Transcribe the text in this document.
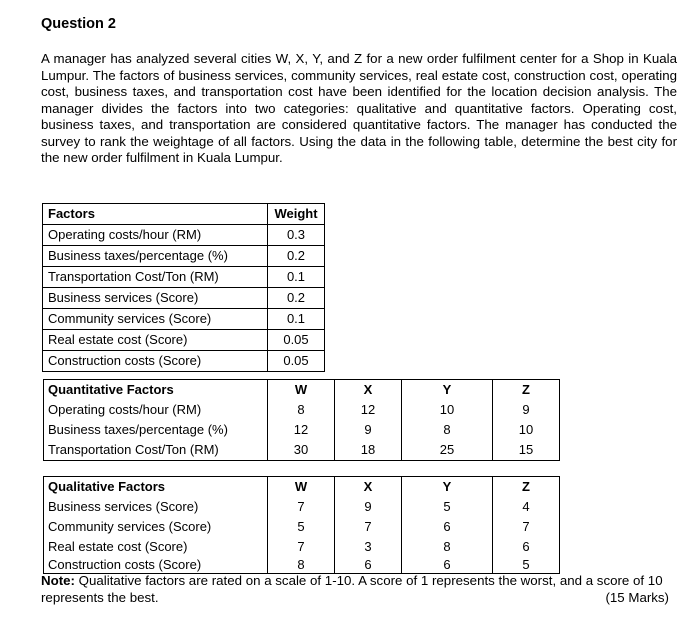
Question 2
A manager has analyzed several cities W, X, Y, and Z for a new order fulfilment center for a Shop in Kuala Lumpur. The factors of business services, community services, real estate cost, construction cost, operating cost, business taxes, and transportation cost have been identified for the location decision analysis. The manager divides the factors into two categories: qualitative and quantitative factors. Operating cost, business taxes, and transportation are considered quantitative factors. The manager has conducted the survey to rank the weightage of all factors. Using the data in the following table, determine the best city for the new order fulfilment in Kuala Lumpur.
Factors	Weight
Operating costs/hour (RM)	0.3
Business taxes/percentage (%)	0.2
Transportation Cost/Ton (RM)	0.1
Business services (Score)	0.2
Community services (Score)	0.1
Real estate cost (Score)	0.05
Construction costs (Score)	0.05
Quantitative Factors	W	X	Y	Z
Operating costs/hour (RM)	8	12	10	9
Business taxes/percentage (%)	12	9	8	10
Transportation Cost/Ton (RM)	30	18	25	15
Qualitative Factors	W	X	Y	Z
Business services (Score)	7	9	5	4
Community services (Score)	5	7	6	7
Real estate cost (Score)	7	3	8	6
Construction costs (Score)	8	6	6	5
Note: Qualitative factors are rated on a scale of 1-10. A score of 1 represents the worst, and a score of 10 represents the best.	(15 Marks)
